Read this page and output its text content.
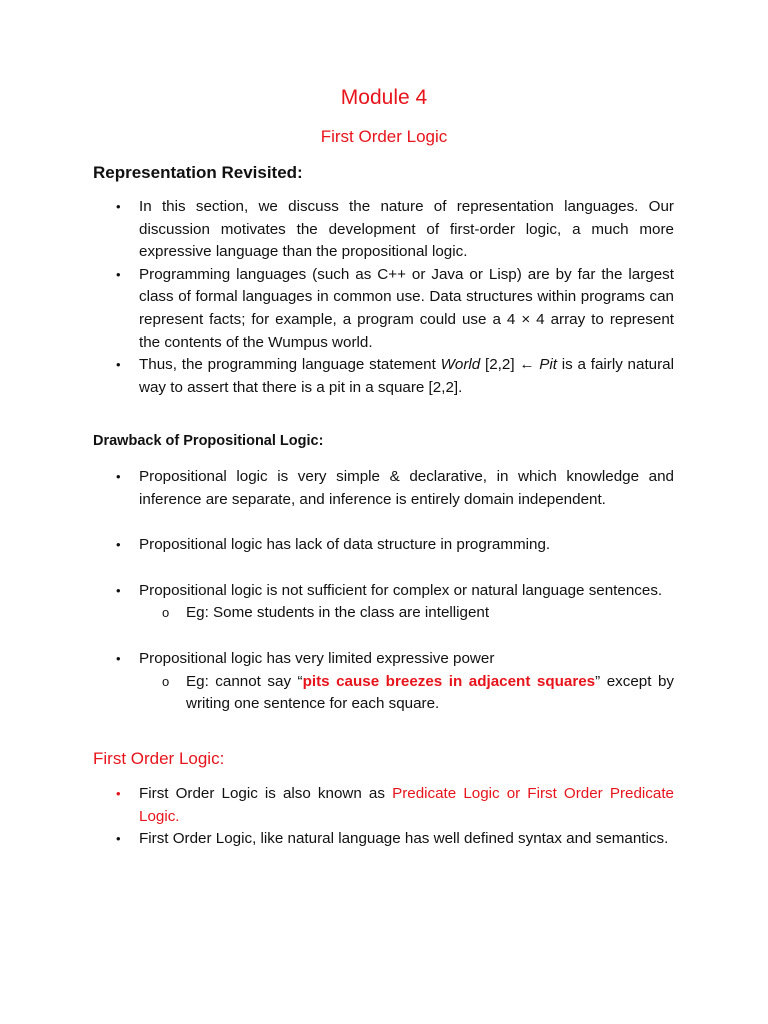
Module 4
First Order Logic
Representation Revisited:
•	In this section, we discuss the nature of representation languages. Our discussion motivates the development of first-order logic, a much more expressive language than the propositional logic.
•	Programming languages (such as C++ or Java or Lisp) are by far the largest class of formal languages in common use. Data structures within programs can represent facts; for example, a program could use a 4 × 4 array to represent the contents of the Wumpus world.
•	Thus, the programming language statement World [2,2] ← Pit is a fairly natural way to assert that there is a pit in a square [2,2].
Drawback of Propositional Logic:
•	Propositional logic is very simple & declarative, in which knowledge and inference are separate, and inference is entirely domain independent.
•	Propositional logic has lack of data structure in programming.
•	Propositional logic is not sufficient for complex or natural language sentences.
o Eg: Some students in the class are intelligent
•	Propositional logic has very limited expressive power
o Eg: cannot say “pits cause breezes in adjacent squares” except by writing one sentence for each square.
First Order Logic:
•	First Order Logic is also known as Predicate Logic or First Order Predicate Logic.
•	First Order Logic, like natural language has well defined syntax and semantics.
